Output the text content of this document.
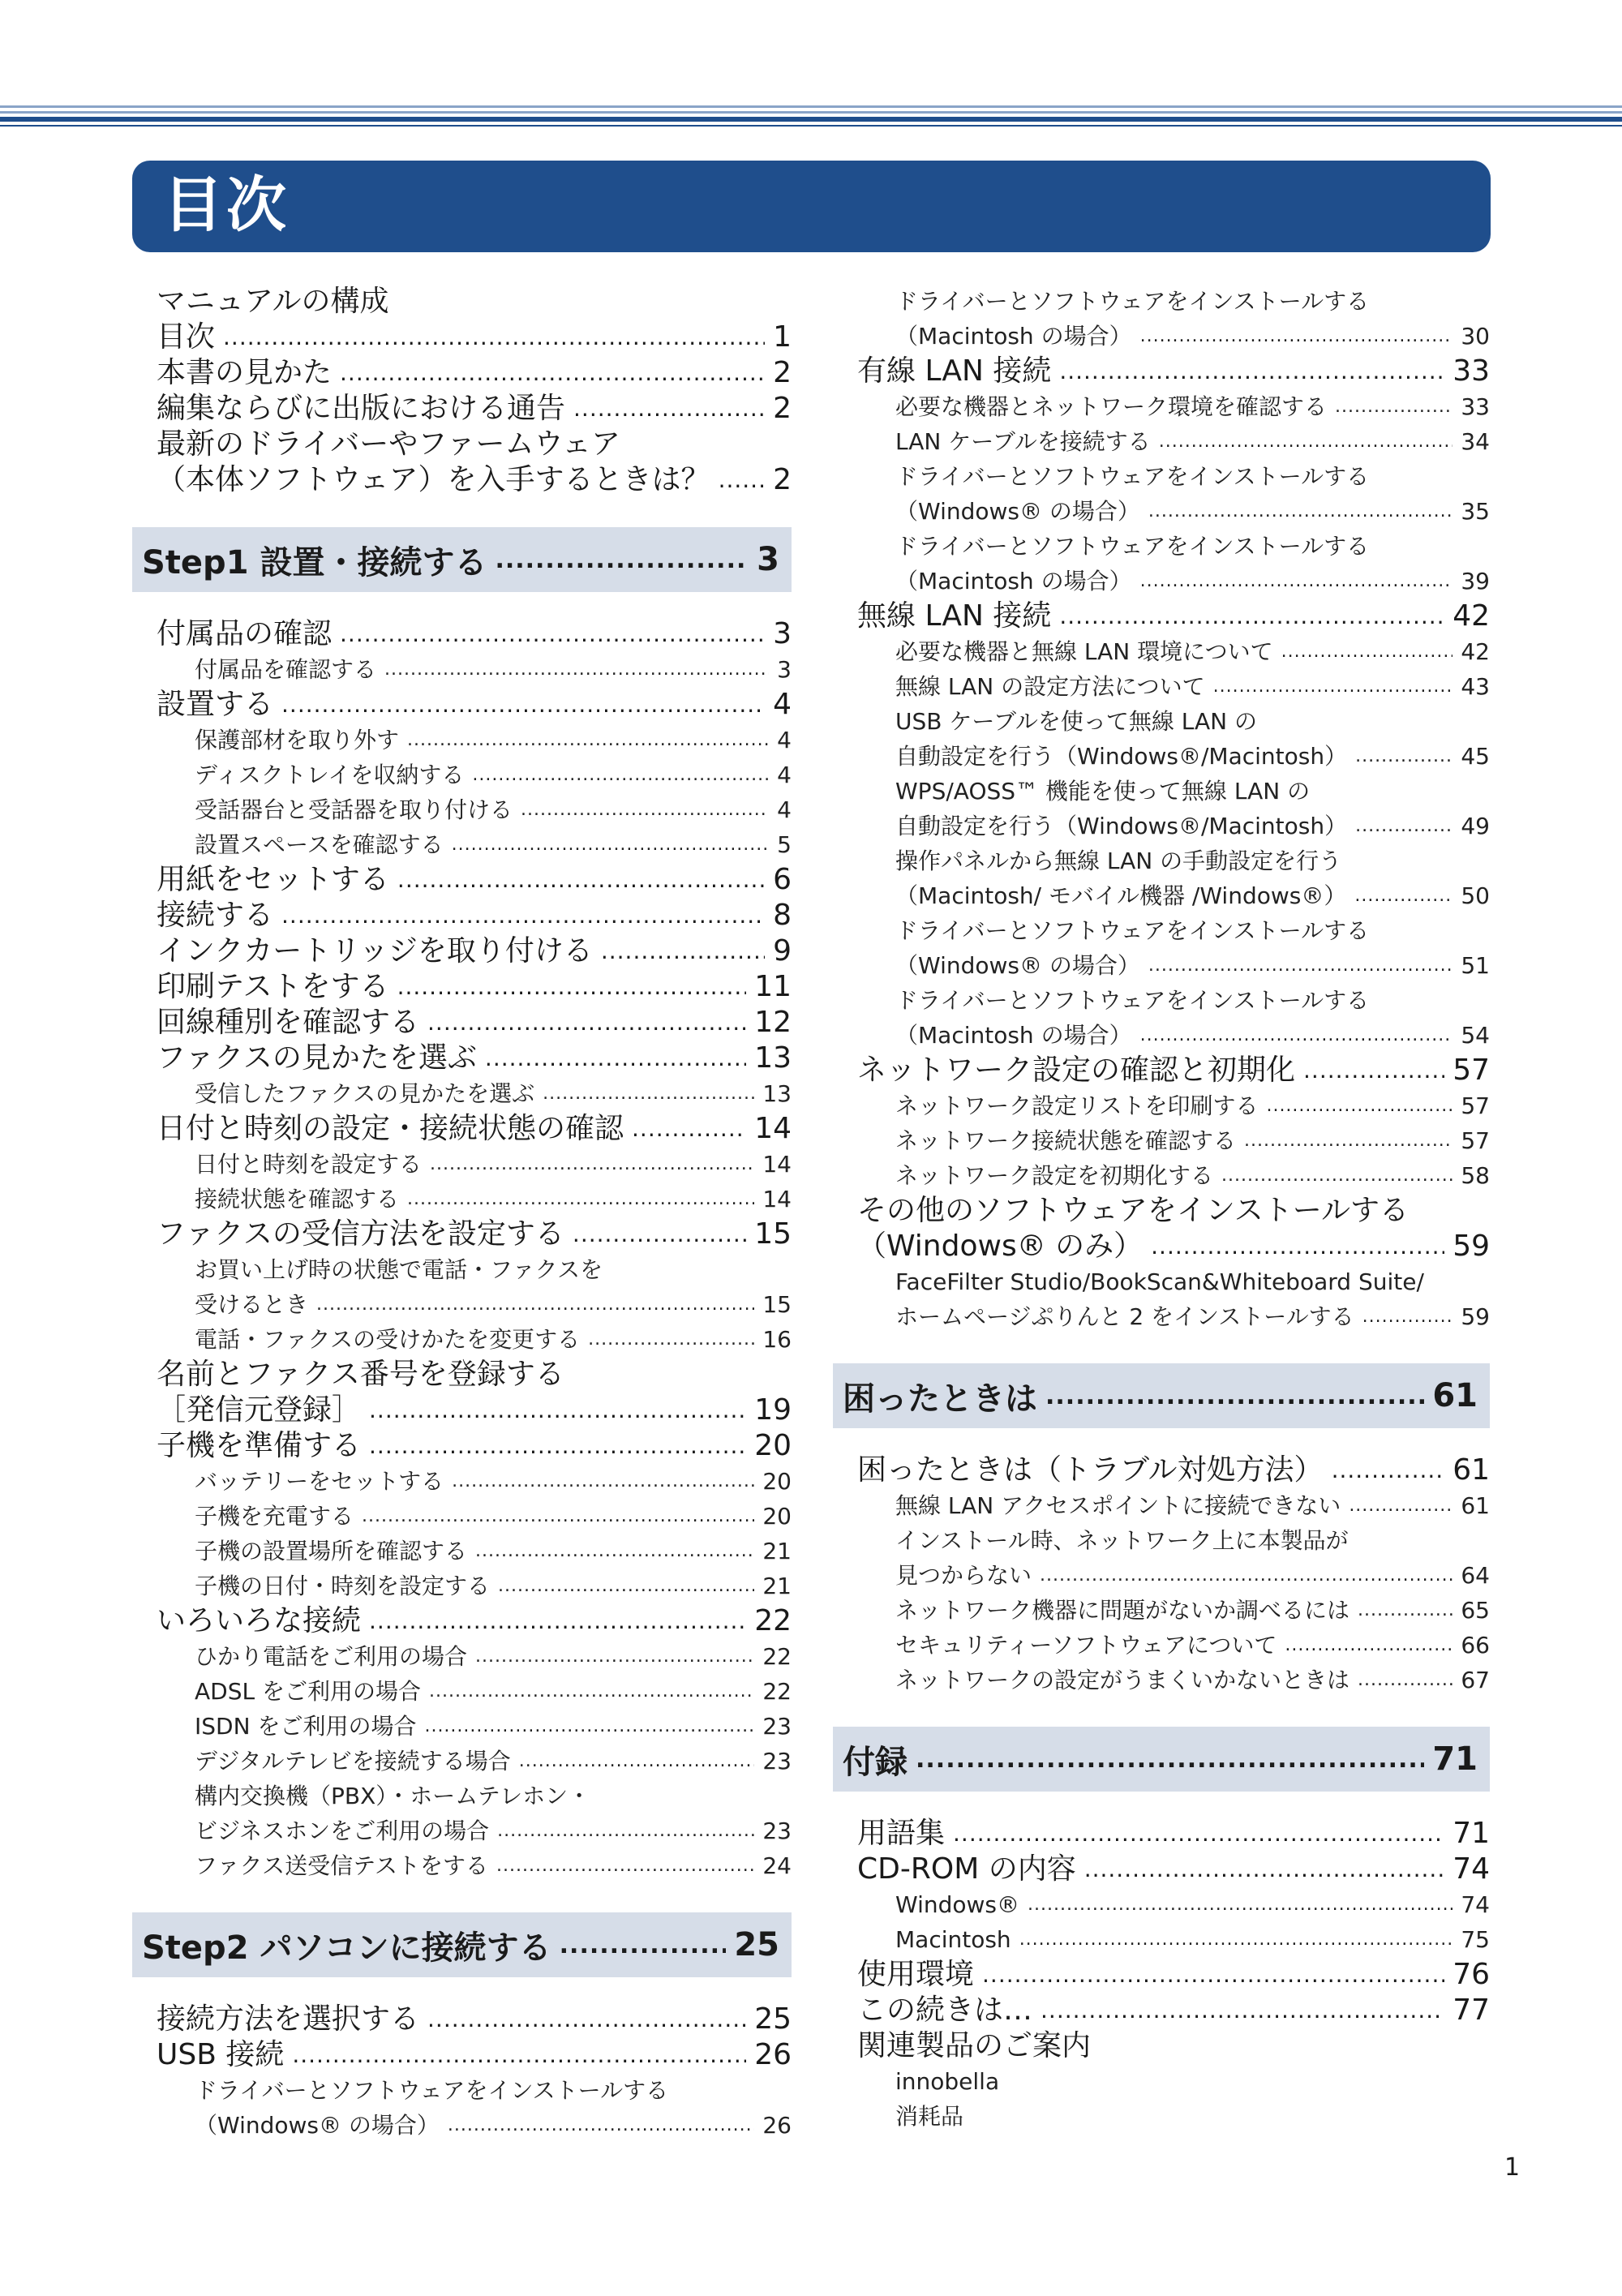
目次
マニュアルの構成
目次 .....	1
本書の見かた .....	2
編集ならびに出版における通告 .....	2
最新のドライバーやファームウェア
（本体ソフトウェア）を入手するときは？ ..... 2
Step1 設置・接続する .....	3
付属品の確認 .....	3
付属品を確認する .....	3
設置する .....	4
保護部材を取り外す .....	4
ディスクトレイを収納する .....	4
受話器台と受話器を取り付ける .....	4
設置スペースを確認する .....	5
用紙をセットする .....	6
接続する .....	8
インクカートリッジを取り付ける .....	9
印刷テストをする .....	11
回線種別を確認する .....	12
ファクスの見かたを選ぶ .....	13
受信したファクスの見かたを選ぶ .....	13
日付と時刻の設定・接続状態の確認 .....	14
日付と時刻を設定する .....	14
接続状態を確認する .....	14
ファクスの受信方法を設定する .....	15
お買い上げ時の状態で電話・ファクスを
受けるとき .....	15
電話・ファクスの受けかたを変更する .....	16
名前とファクス番号を登録する
［発信元登録］ .....	19
子機を準備する .....	20
バッテリーをセットする .....	20
子機を充電する .....	20
子機の設置場所を確認する .....	21
子機の日付・時刻を設定する .....	21
いろいろな接続 .....	22
ひかり電話をご利用の場合 .....	22
ADSL をご利用の場合 .....	22
ISDN をご利用の場合 .....	23
デジタルテレビを接続する場合 .....	23
構内交換機（PBX）・ホームテレホン・
ビジネスホンをご利用の場合 .....	23
ファクス送受信テストをする .....	24
Step2 パソコンに接続する .....	25
接続方法を選択する .....	25
USB 接続 .....	26
ドライバーとソフトウェアをインストールする
（Windows® の場合） .....	26
ドライバーとソフトウェアをインストールする
（Macintosh の場合） .....	30
有線 LAN 接続 .....	33
必要な機器とネットワーク環境を確認する .....	33
LAN ケーブルを接続する .....	34
ドライバーとソフトウェアをインストールする
（Windows® の場合） .....	35
ドライバーとソフトウェアをインストールする
（Macintosh の場合） .....	39
無線 LAN 接続 .....	42
必要な機器と無線 LAN 環境について .....	42
無線 LAN の設定方法について .....	43
USB ケーブルを使って無線 LAN の
自動設定を行う（Windows®/Macintosh） .....	45
WPS/AOSS™ 機能を使って無線 LAN の
自動設定を行う（Windows®/Macintosh） .....	49
操作パネルから無線 LAN の手動設定を行う
（Macintosh/ モバイル機器 /Windows®） .....	50
ドライバーとソフトウェアをインストールする
（Windows® の場合） .....	51
ドライバーとソフトウェアをインストールする
（Macintosh の場合） .....	54
ネットワーク設定の確認と初期化 .....	57
ネットワーク設定リストを印刷する .....	57
ネットワーク接続状態を確認する .....	57
ネットワーク設定を初期化する .....	58
その他のソフトウェアをインストールする
（Windows® のみ） .....	59
FaceFilter Studio/BookScan&Whiteboard Suite/
ホームページぷりんと 2 をインストールする .....	59
困ったときは .....	61
困ったときは（トラブル対処方法） .....	61
無線 LAN アクセスポイントに接続できない .....	61
インストール時、ネットワーク上に本製品が
見つからない .....	64
ネットワーク機器に問題がないか調べるには .....	65
セキュリティーソフトウェアについて .....	66
ネットワークの設定がうまくいかないときは .....	67
付録 .....	71
用語集 .....	71
CD-ROM の内容 .....	74
Windows® .....	74
Macintosh .....	75
使用環境 .....	76
この続きは… .....	77
関連製品のご案内
innobella
消耗品
1
